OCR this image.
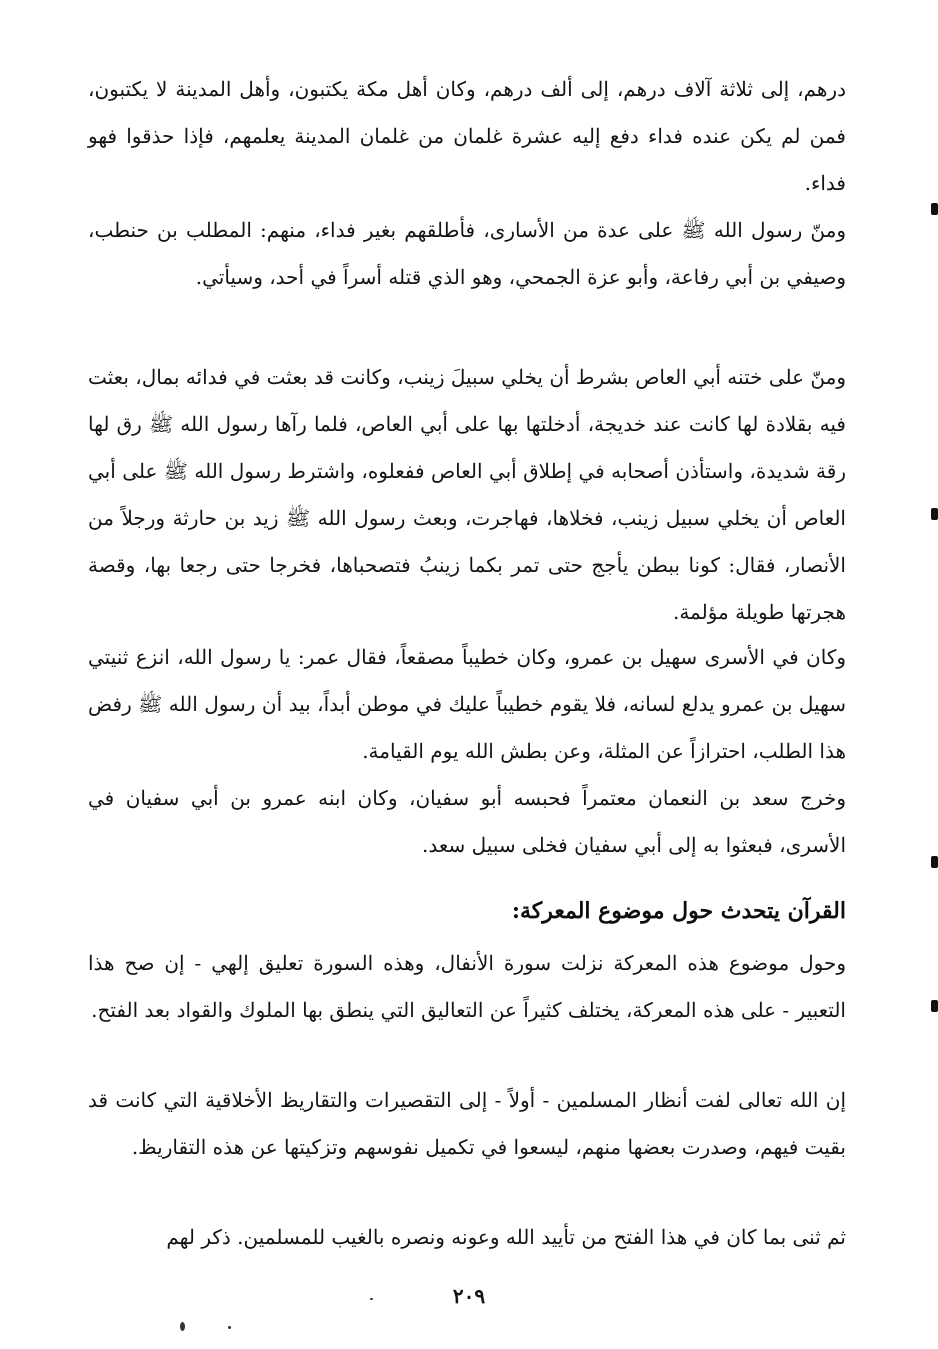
درهم، إلى ثلاثة آلاف درهم، إلى ألف درهم، وكان أهل مكة يكتبون، وأهل المدينة لا يكتبون، فمن لم يكن عنده فداء دفع إليه عشرة غلمان من غلمان المدينة يعلمهم، فإذا حذقوا فهو فداء.

ومنّ رسول الله ﷺ على عدة من الأسارى، فأطلقهم بغير فداء، منهم: المطلب بن حنطب، وصيفي بن أبي رفاعة، وأبو عزة الجمحي، وهو الذي قتله أسراً في أحد، وسيأتي.

ومنّ على ختنه أبي العاص بشرط أن يخلي سبيلَ زينب، وكانت قد بعثت في فدائه بمال، بعثت فيه بقلادة لها كانت عند خديجة، أدخلتها بها على أبي العاص، فلما رآها رسول الله ﷺ رق لها رقة شديدة، واستأذن أصحابه في إطلاق أبي العاص ففعلوه، واشترط رسول الله ﷺ على أبي العاص أن يخلي سبيل زينب، فخلاها، فهاجرت، وبعث رسول الله ﷺ زيد بن حارثة ورجلاً من الأنصار، فقال: كونا ببطن يأجج حتى تمر بكما زينبُ فتصحباها، فخرجا حتى رجعا بها، وقصة هجرتها طويلة مؤلمة.

وكان في الأسرى سهيل بن عمرو، وكان خطيباً مصقعاً، فقال عمر: يا رسول الله، انزع ثنيتي سهيل بن عمرو يدلع لسانه، فلا يقوم خطيباً عليك في موطن أبداً، بيد أن رسول الله ﷺ رفض هذا الطلب، احترازاً عن المثلة، وعن بطش الله يوم القيامة.

وخرج سعد بن النعمان معتمراً فحبسه أبو سفيان، وكان ابنه عمرو بن أبي سفيان في الأسرى، فبعثوا به إلى أبي سفيان فخلى سبيل سعد.

القرآن يتحدث حول موضوع المعركة:

وحول موضوع هذه المعركة نزلت سورة الأنفال، وهذه السورة تعليق إلهي - إن صح هذا التعبير - على هذه المعركة، يختلف كثيراً عن التعاليق التي ينطق بها الملوك والقواد بعد الفتح.

إن الله تعالى لفت أنظار المسلمين - أولاً - إلى التقصيرات والتقاريظ الأخلاقية التي كانت قد بقيت فيهم، وصدرت بعضها منهم، ليسعوا في تكميل نفوسهم وتزكيتها عن هذه التقاريظ.

ثم ثنى بما كان في هذا الفتح من تأييد الله وعونه ونصره بالغيب للمسلمين. ذكر لهم

٢٠٩
